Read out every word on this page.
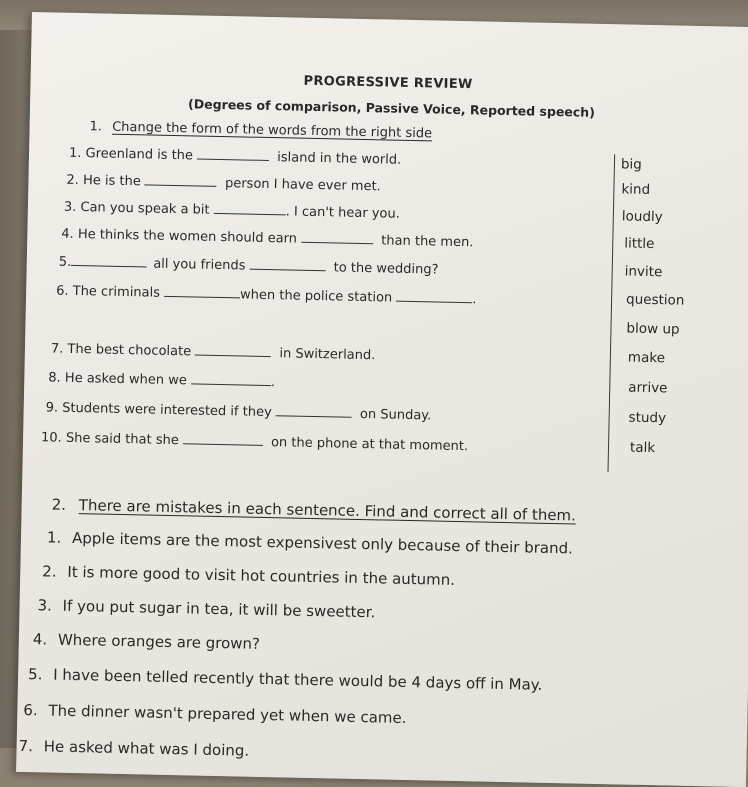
PROGRESSIVE REVIEW
(Degrees of comparison, Passive Voice, Reported speech)
1. Change the form of the words from the right side
1. Greenland is the	island in the world.
2. He is the	person I have ever met.
3. Can you speak a bit	. I can't hear you.
4. He thinks the women should earn	than the men.
5.	all you friends	to the wedding?
6. The criminals	when the police station	.
7. The best chocolate	in Switzerland.
8. He asked when we	.
9. Students were interested if they	on Sunday.
10. She said that she	on the phone at that moment.
big
kind
loudly
little
invite
question
blow up
make
arrive
study
talk
2. There are mistakes in each sentence. Find and correct all of them.
1. Apple items are the most expensivest only because of their brand.
2. It is more good to visit hot countries in the autumn.
3. If you put sugar in tea, it will be sweetter.
4. Where oranges are grown?
5. I have been telled recently that there would be 4 days off in May.
6. The dinner wasn't prepared yet when we came.
7. He asked what was I doing.
